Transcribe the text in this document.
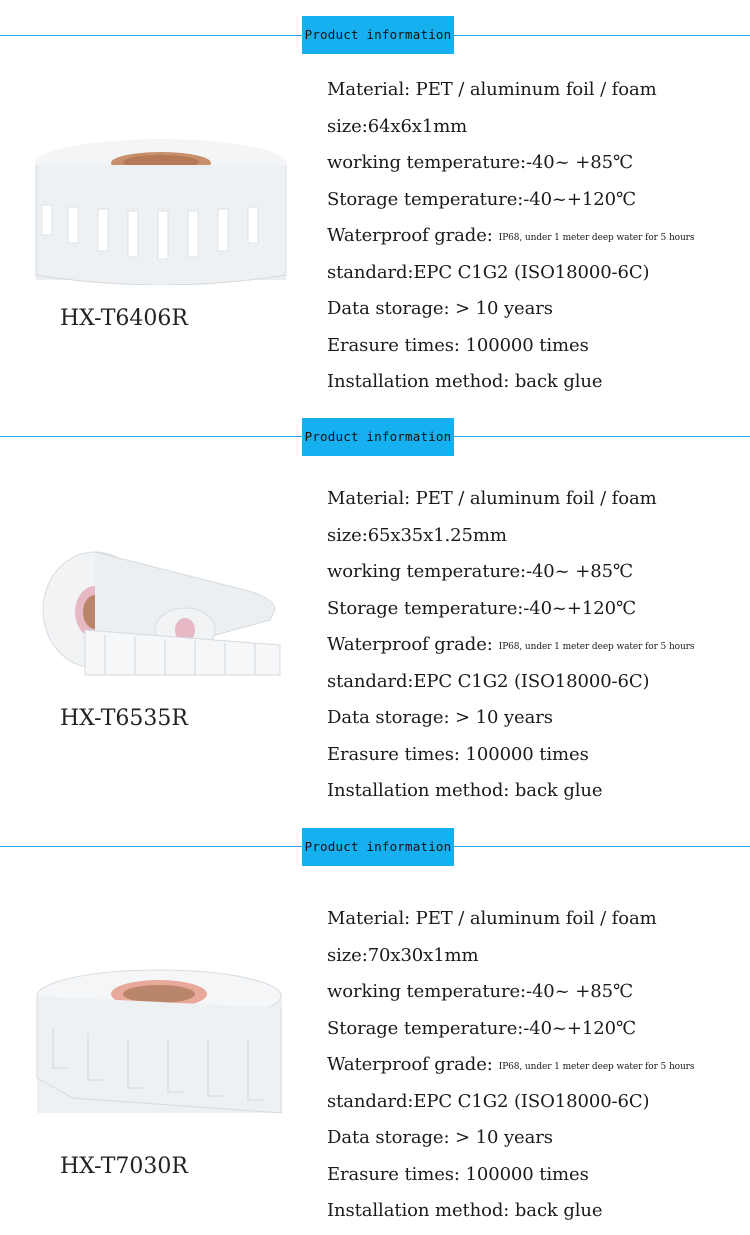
Product information
HX-T6406R
Material: PET / aluminum foil / foam
size:64x6x1mm
working temperature:-40~ +85℃
Storage temperature:-40~+120℃
Waterproof grade: IP68, under 1 meter deep water for 5 hours
standard:EPC C1G2 (ISO18000-6C)
Data storage: > 10 years
Erasure times: 100000 times
Installation method: back glue
Product information
HX-T6535R
Material: PET / aluminum foil / foam
size:65x35x1.25mm
working temperature:-40~ +85℃
Storage temperature:-40~+120℃
Waterproof grade: IP68, under 1 meter deep water for 5 hours
standard:EPC C1G2 (ISO18000-6C)
Data storage: > 10 years
Erasure times: 100000 times
Installation method: back glue
Product information
HX-T7030R
Material: PET / aluminum foil / foam
size:70x30x1mm
working temperature:-40~ +85℃
Storage temperature:-40~+120℃
Waterproof grade: IP68, under 1 meter deep water for 5 hours
standard:EPC C1G2 (ISO18000-6C)
Data storage: > 10 years
Erasure times: 100000 times
Installation method: back glue
